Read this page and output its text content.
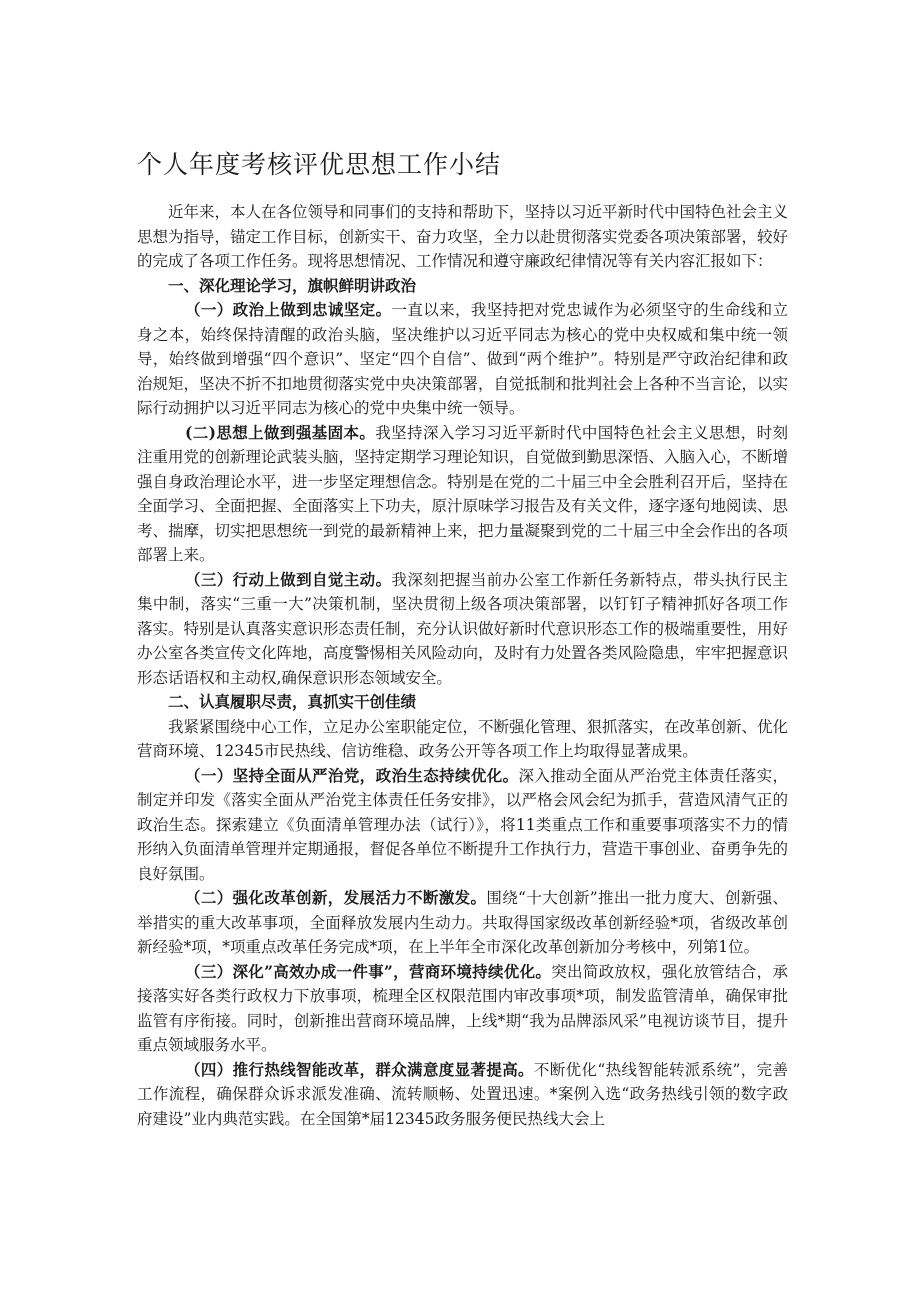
个人年度考核评优思想工作小结

近年来，本人在各位领导和同事们的支持和帮助下，坚持以习近平新时代中国特色社会主义思想为指导，锚定工作目标，创新实干、奋力攻坚，全力以赴贯彻落实党委各项决策部署，较好的完成了各项工作任务。现将思想情况、工作情况和遵守廉政纪律情况等有关内容汇报如下：

一、深化理论学习，旗帜鲜明讲政治

（一）政治上做到忠诚坚定。一直以来，我坚持把对党忠诚作为必须坚守的生命线和立身之本，始终保持清醒的政治头脑，坚决维护以习近平同志为核心的党中央权威和集中统一领导，始终做到增强“四个意识”、坚定“四个自信”、做到“两个维护”。特别是严守政治纪律和政治规矩，坚决不折不扣地贯彻落实党中央决策部署，自觉抵制和批判社会上各种不当言论，以实际行动拥护以习近平同志为核心的党中央集中统一领导。

(二)思想上做到强基固本。我坚持深入学习习近平新时代中国特色社会主义思想，时刻注重用党的创新理论武装头脑，坚持定期学习理论知识，自觉做到勤思深悟、入脑入心，不断增强自身政治理论水平，进一步坚定理想信念。特别是在党的二十届三中全会胜利召开后，坚持在全面学习、全面把握、全面落实上下功夫，原汁原味学习报告及有关文件，逐字逐句地阅读、思考、揣摩，切实把思想统一到党的最新精神上来，把力量凝聚到党的二十届三中全会作出的各项部署上来。

（三）行动上做到自觉主动。我深刻把握当前办公室工作新任务新特点，带头执行民主集中制，落实“三重一大”决策机制，坚决贯彻上级各项决策部署，以钉钉子精神抓好各项工作落实。特别是认真落实意识形态责任制，充分认识做好新时代意识形态工作的极端重要性，用好办公室各类宣传文化阵地，高度警惕相关风险动向，及时有力处置各类风险隐患，牢牢把握意识形态话语权和主动权,确保意识形态领域安全。

二、认真履职尽责，真抓实干创佳绩

我紧紧围绕中心工作，立足办公室职能定位，不断强化管理、狠抓落实，在改革创新、优化营商环境、12345市民热线、信访维稳、政务公开等各项工作上均取得显著成果。

（一）坚持全面从严治党，政治生态持续优化。深入推动全面从严治党主体责任落实，制定并印发《落实全面从严治党主体责任任务安排》，以严格会风会纪为抓手，营造风清气正的政治生态。探索建立《负面清单管理办法（试行）》，将11类重点工作和重要事项落实不力的情形纳入负面清单管理并定期通报，督促各单位不断提升工作执行力，营造干事创业、奋勇争先的良好氛围。

（二）强化改革创新，发展活力不断激发。围绕“十大创新”推出一批力度大、创新强、举措实的重大改革事项，全面释放发展内生动力。共取得国家级改革创新经验*项，省级改革创新经验*项，*项重点改革任务完成*项，在上半年全市深化改革创新加分考核中，列第1位。

（三）深化”高效办成一件事”，营商环境持续优化。突出简政放权，强化放管结合，承接落实好各类行政权力下放事项，梳理全区权限范围内审改事项*项，制发监管清单，确保审批监管有序衔接。同时，创新推出营商环境品牌，上线*期“我为品牌添风采”电视访谈节目，提升重点领域服务水平。

（四）推行热线智能改革，群众满意度显著提高。不断优化“热线智能转派系统”，完善工作流程，确保群众诉求派发准确、流转顺畅、处置迅速。*案例入选“政务热线引领的数字政府建设”业内典范实践。在全国第*届12345政务服务便民热线大会上
